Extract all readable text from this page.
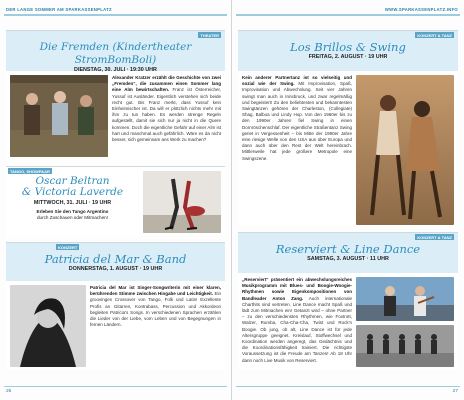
DER LANGE SOMMER AM SPARKASSENPLATZ
THEATER
Die Fremden (Kindertheater StromBomBoli)
DIENSTAG, 30. JULI · 19:30 UHR
Alexander Kratzer erzählt die Geschichte von zwei „Fremden“, die zusammen einen Sommer lang eine Alm bewirtschaften. Franz ist Österreicher, Yussuf ist Ausländer. Eigentlich verstehen sich beide recht gut. Bis Franz merkt, dass Yussuf kein Einheimischer ist. Da will er plötzlich nichts mehr mit ihm zu tun haben. Es werden strenge Regeln aufgestellt, damit sie sich nur ja nicht in die Quere kommen. Doch die eigentliche Gefahr auf einer Alm ist hart und manchmal auch gefährlich. Wäre es da nicht besser, sich gemeinsam ans Werk zu machen?
TANGO, SHOWPAAR
Oscar Beltran
& Victoria Laverde
MITTWOCH, 31. JULI · 19 UHR
Erleben Sie den Tango Argentino
durch Zuschauen oder Mitmachen!
KONZERT
Patricia del Mar & Band
DONNERSTAG, 1. AUGUST · 19 UHR
Patricia del Mar ist Singer-Songwriterin mit einer klaren, berührenden Stimme zwischen Hingabe und Leichtigkeit. Ein groovinges Crossover von Tango, Folk und Latin! Exzellente Profis an Gitarren, Kontrabass, Percussion und Akkordeon begleiten Patricia's Songs. In verschiedenen Sprachen erzählen die Lieder von der Liebe, vom Leben und von Begegnungen in fernen Ländern.
26
WWW.SPARKASSENPLATZ.INFO
KONZERT & TANZ
Los Brillos & Swing
FREITAG, 2. AUGUST · 19 UHR
Kein anderer Partnertanz ist so vielseitig und sozial wie der Swing. Mit Improvisation, Spaß, Improvisation und Abwechslung. Seit vier Jahren swingt man auch in Innsbruck, und zwar regelmäßig und begeistert! Zu den beliebtesten und bekanntesten Swingtänzen gehören der Charleston, (Collegiate) Shag, Balboa und Lindy Hop. Von den 1960er bis zu den 1990er Jahren fiel Swing in einen Dornröschenschlaf. Der eigentliche Straßentanz Swing geriet in Vergessenheit – bis Mitte der 1990er Jahre eine riesige Welle von den USA aus über Europa und dann auch über den Rest der Welt hereinbrach. Mittlerweile hat jede größere Metropole eine Swingszene.
KONZERT & TANZ
Reserviert & Line Dance
SAMSTAG, 3. AUGUST · 11 UHR
„Reserviert“ präsentiert ein abwechslungsreiches Musikprogramm mit Blues- und Boogie-Woogie-Rhythmen sowie Eigenkompositionen von Bandleader Anton Zang. Auch internationale Charthits sind vertreten. Line Dance macht Spaß und lädt zum Mitmachen ein! Getanzt wird – ohne Partner – zu den verschiedensten Rhythmen, wie Foxtrott, Walzer, Rumba, Cha-Cha-Cha, Twist und Rock'n Boogie. Ob jung, ob alt, Line Dance ist für jede Altersgruppe geeignet. Kreislauf, Stoffwechsel und Koordination werden angeregt, das Gedächtnis und die Koordinationsfähigkeit trainiert. Die richtigste Voraussetzung ist die Freude am Tanzen! Ab 18 Uhr dann noch Live Musik von Reserviert.
27
